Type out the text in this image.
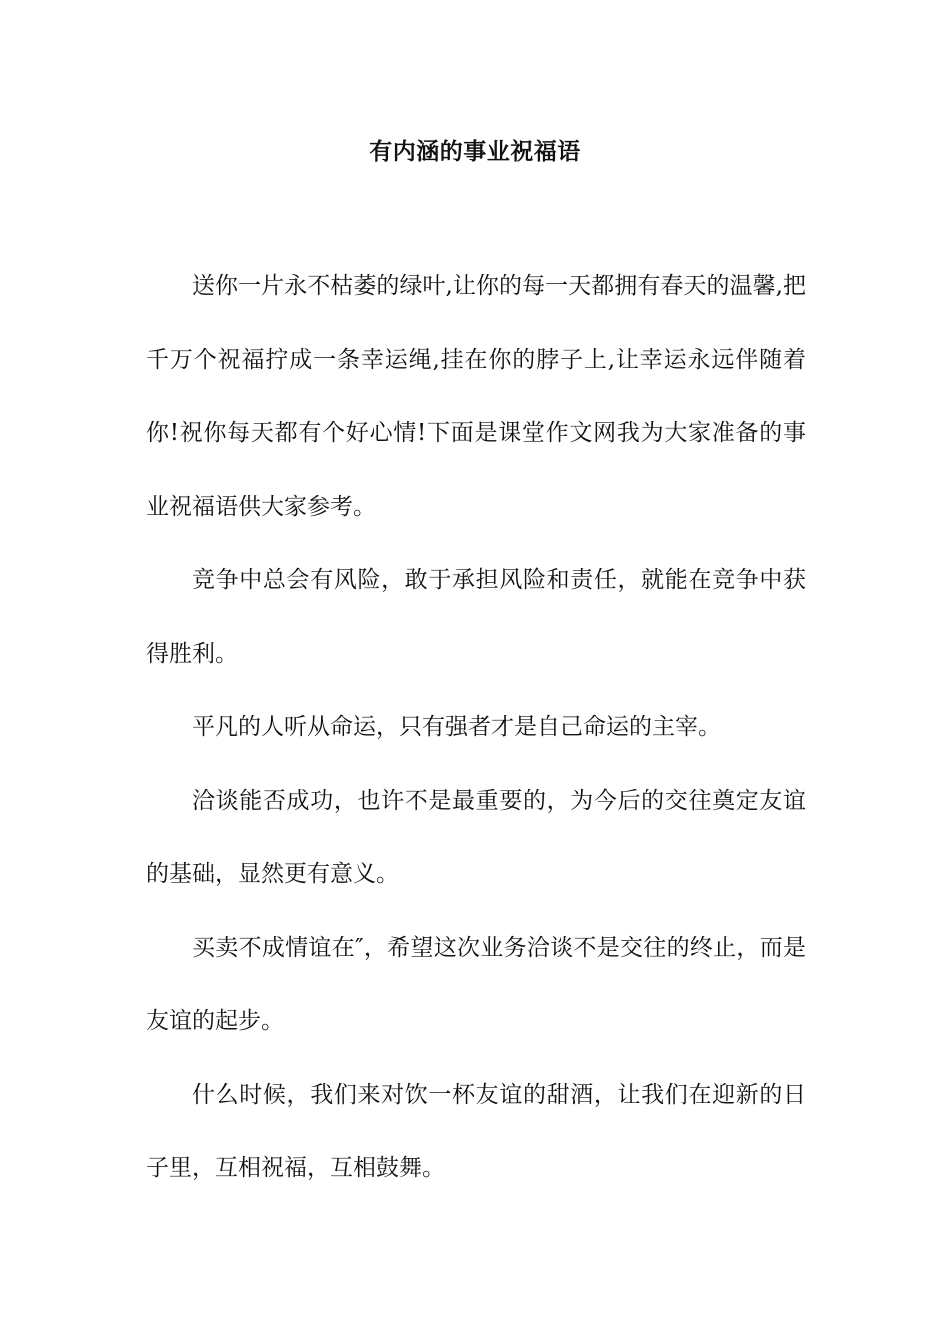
有内涵的事业祝福语

送你一片永不枯萎的绿叶,让你的每一天都拥有春天的温馨,把千万个祝福拧成一条幸运绳,挂在你的脖子上,让幸运永远伴随着你!祝你每天都有个好心情!下面是课堂作文网我为大家准备的事业祝福语供大家参考。

竞争中总会有风险，敢于承担风险和责任，就能在竞争中获得胜利。

平凡的人听从命运，只有强者才是自己命运的主宰。

洽谈能否成功，也许不是最重要的，为今后的交往奠定友谊的基础，显然更有意义。

买卖不成情谊在″，希望这次业务洽谈不是交往的终止，而是友谊的起步。

什么时候，我们来对饮一杯友谊的甜酒，让我们在迎新的日子里，互相祝福，互相鼓舞。
